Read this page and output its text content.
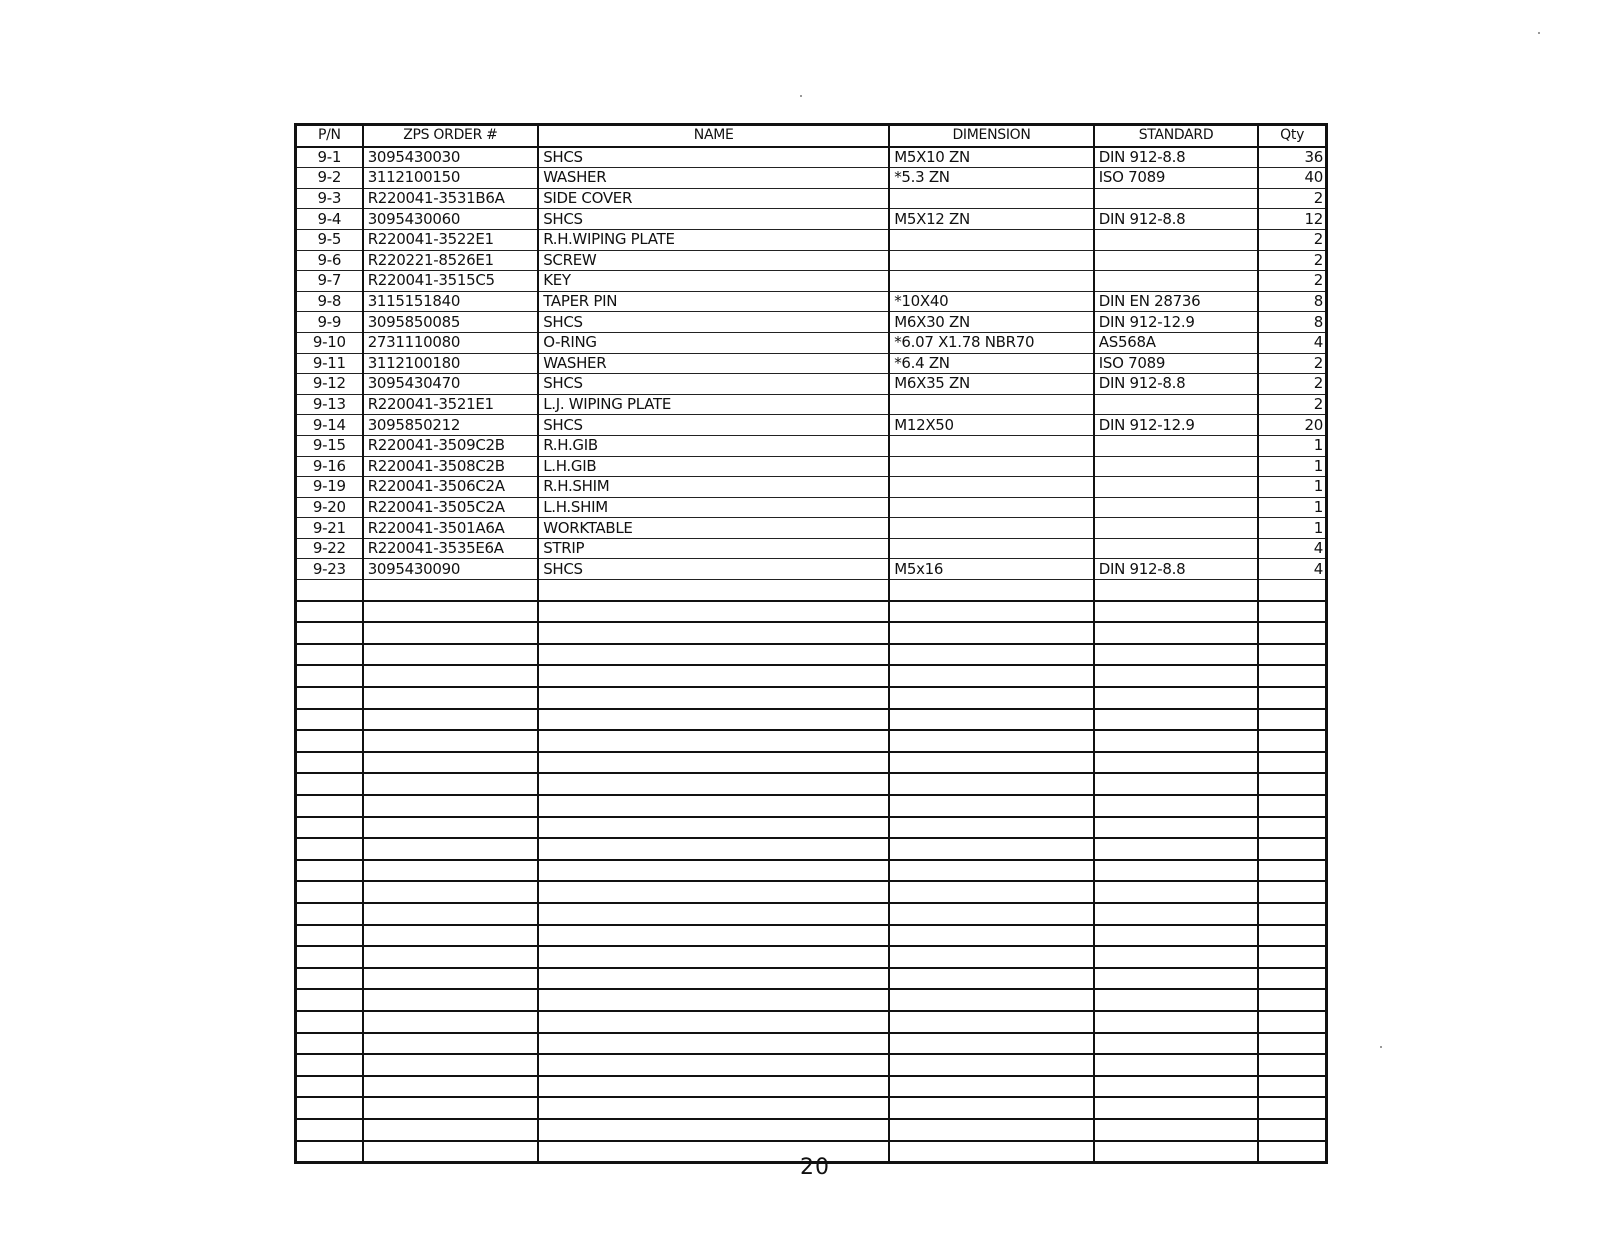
P/N	ZPS ORDER #	NAME	DIMENSION	STANDARD	Qty
9-1	3095430030	SHCS	M5X10 ZN	DIN 912-8.8	36
9-2	3112100150	WASHER	*5.3 ZN	ISO 7089	40
9-3	R220041-3531B6A	SIDE COVER			2
9-4	3095430060	SHCS	M5X12 ZN	DIN 912-8.8	12
9-5	R220041-3522E1	R.H.WIPING PLATE			2
9-6	R220221-8526E1	SCREW			2
9-7	R220041-3515C5	KEY			2
9-8	3115151840	TAPER PIN	*10X40	DIN EN 28736	8
9-9	3095850085	SHCS	M6X30 ZN	DIN 912-12.9	8
9-10	2731110080	O-RING	*6.07 X1.78 NBR70	AS568A	4
9-11	3112100180	WASHER	*6.4 ZN	ISO 7089	2
9-12	3095430470	SHCS	M6X35 ZN	DIN 912-8.8	2
9-13	R220041-3521E1	L.J. WIPING PLATE			2
9-14	3095850212	SHCS	M12X50	DIN 912-12.9	20
9-15	R220041-3509C2B	R.H.GIB			1
9-16	R220041-3508C2B	L.H.GIB			1
9-19	R220041-3506C2A	R.H.SHIM			1
9-20	R220041-3505C2A	L.H.SHIM			1
9-21	R220041-3501A6A	WORKTABLE			1
9-22	R220041-3535E6A	STRIP			4
9-23	3095430090	SHCS	M5x16	DIN 912-8.8	4

20
